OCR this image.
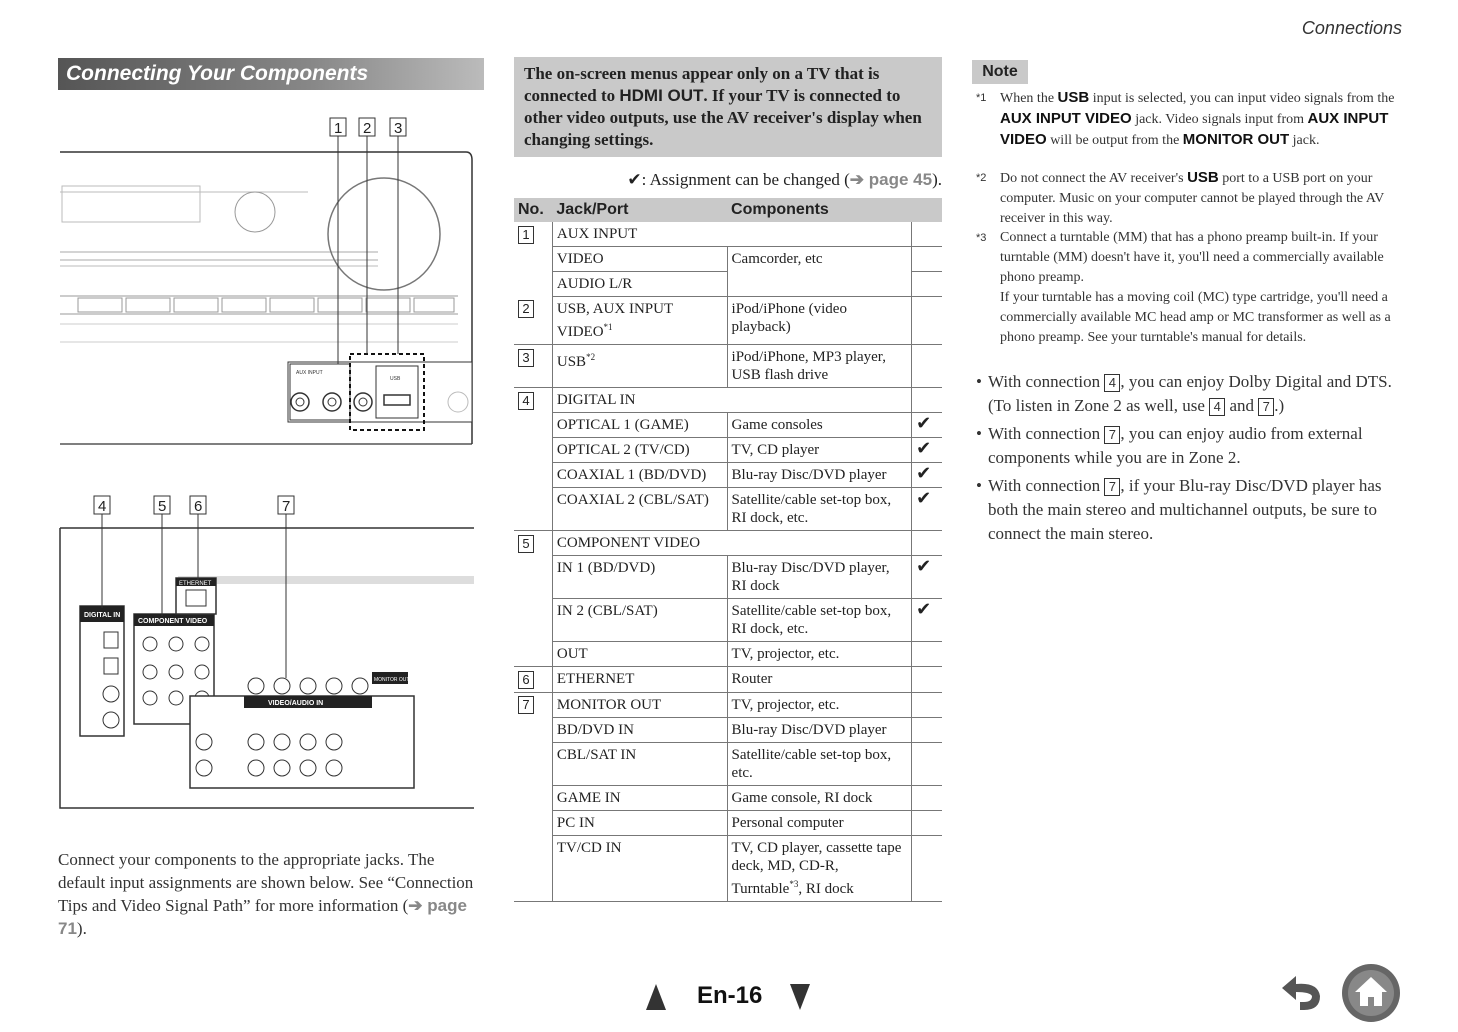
Connections
Connecting Your Components
AUX INPUT
USB
1 2 3
DIGITAL IN
COMPONENT VIDEO
ETHERNET
VIDEO/AUDIO IN
MONITOR OUT
4	5 6	7
Connect your components to the appropriate jacks. The default input assignments are shown below. See “Connection Tips and Video Signal Path” for more information (➔ page 71).
The on-screen menus appear only on a TV that is connected to HDMI OUT. If your TV is connected to other video outputs, use the AV receiver's display when changing settings.
✔: Assignment can be changed (➔ page 45).
No.	Jack/Port	Components	
1	AUX INPUT		
	VIDEO	Camcorder, etc	
	AUDIO L/R		
2	USB, AUX INPUT VIDEO$^{*1}$	iPod/iPhone (video playback)	
3	USB$^{*2}$	iPod/iPhone, MP3 player, USB flash drive	
4	DIGITAL IN		
	OPTICAL 1 (GAME)	Game consoles	✔
	OPTICAL 2 (TV/CD)	TV, CD player	✔
	COAXIAL 1 (BD/DVD)	Blu-ray Disc/DVD player	✔
	COAXIAL 2 (CBL/SAT)	Satellite/cable set-top box, RI dock, etc.	✔
5	COMPONENT VIDEO		
	IN 1 (BD/DVD)	Blu-ray Disc/DVD player, RI dock	✔
	IN 2 (CBL/SAT)	Satellite/cable set-top box, RI dock, etc.	✔
	OUT	TV, projector, etc.	
6	ETHERNET	Router	
7	MONITOR OUT	TV, projector, etc.	
	BD/DVD IN	Blu-ray Disc/DVD player	
	CBL/SAT IN	Satellite/cable set-top box, etc.	
	GAME IN	Game console, RI dock	
	PC IN	Personal computer	
	TV/CD IN	TV, CD player, cassette tape deck, MD, CD-R, Turntable$^{*3}$, RI dock	
Note
*1 When the USB input is selected, you can input video signals from the AUX INPUT VIDEO jack. Video signals input from AUX INPUT VIDEO will be output from the MONITOR OUT jack.
*2 Do not connect the AV receiver's USB port to a USB port on your computer. Music on your computer cannot be played through the AV receiver in this way.
*3 Connect a turntable (MM) that has a phono preamp built-in. If your turntable (MM) doesn't have it, you'll need a commercially available phono preamp.
If your turntable has a moving coil (MC) type cartridge, you'll need a commercially available MC head amp or MC transformer as well as a phono preamp. See your turntable's manual for details.
• With connection 4 , you can enjoy Dolby Digital and DTS. (To listen in Zone 2 as well, use 4 and 7 .)
• With connection 7 , you can enjoy audio from external components while you are in Zone 2.
• With connection 7 , if your Blu-ray Disc/DVD player has both the main stereo and multichannel outputs, be sure to connect the main stereo.
En-16
